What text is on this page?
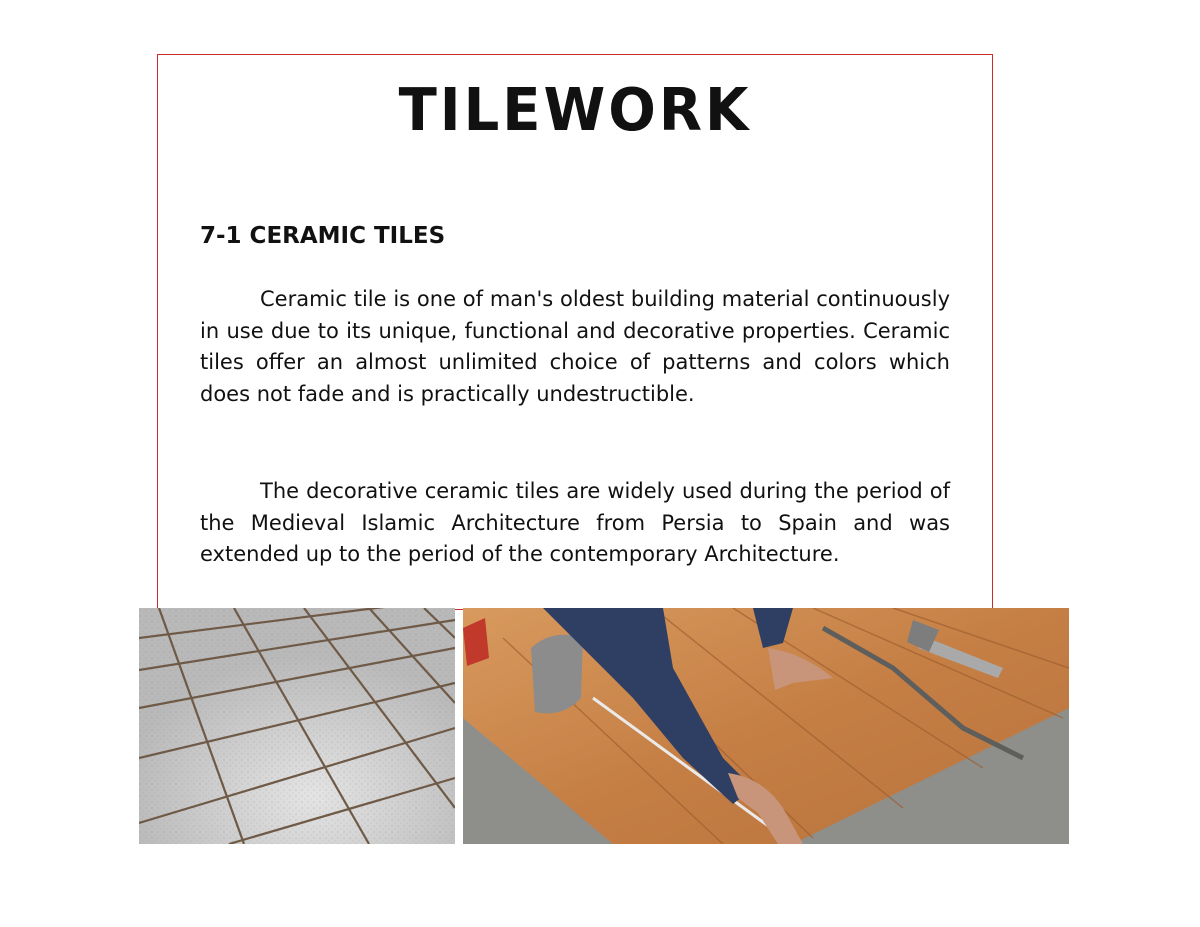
TILEWORK
7-1 CERAMIC TILES

Ceramic tile is one of man's oldest building material continuously in use due to its unique, functional and decorative properties. Ceramic tiles offer an almost unlimited choice of patterns and colors which does not fade and is practically undestructible.

The decorative ceramic tiles are widely used during the period of the Medieval Islamic Architecture from Persia to Spain and was extended up to the period of the contemporary Architecture.
